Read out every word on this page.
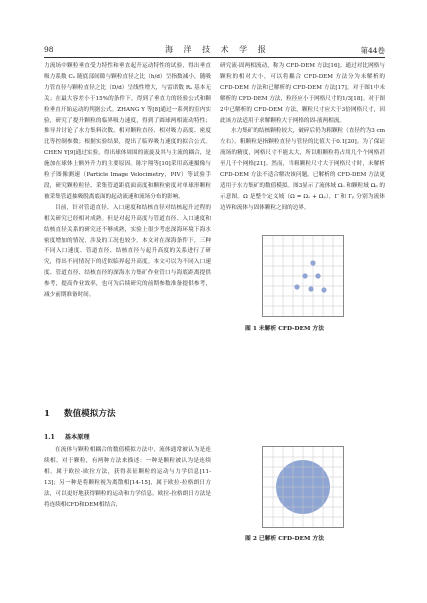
98	海 洋 技 术 学 报	第44卷

力流场中颗粒垂直受力特性和垂直起升运动特性的试验，得出垂直吸力系数 Cₙ 随底部间隙与颗粒直径之比（h/d）呈指数减小，随吸力管直径与颗粒直径之比（D/d）呈线性增大，与雷诺数 Rₑ 基本无关；在最大容差小于15%的条件下，得到了垂直力的经验公式和颗粒垂直开始运动的判据公式。ZHANG Y 等[8]通过一系列的室内实验，研究了提升颗粒的临界吸力速度，得到了圆球两相流动特性；推导并讨论了水力集料次数、相对颗粒直径、相对吸力高度、密度比等控制参数；根据实验结果，提出了临界吸力速度的拟合公式。CHEN Y[9]通过实验，得出球体周围的流旋及其与主流的耦合，是施加在球体上额外升力的主要原因。陈宇翔等[10]采用高速摄像与粒子图像测速（Particle Image Velocimetry，PIV）等试验手段，研究颗粒粒径、采集管道距底面高度和颗粒密度对单球形颗粒被采集管道抽吸脱离底面的起动流速和流场分布的影响。

目前，针对管道直径、入口速度和结核直径对结核起升过程的相关研究已经相对成熟。但是对起升高度与管道直径、入口速度和结核直径关系的研究还不够成熟，实验上很少考虑深海环境下海水密度增加的情况，涉及的工况也较少。本文对在深海条件下，三种不同入口速度、管道直径、结核直径与起升高度的关系进行了研究，得出不同情况下的近似临界起升高度。本文可以为不同入口速度、管道直径、结核直径的深海水力集矿作业管口与海底距离提供参考，提高作业效率，也可为后续研究的前期参数准备提供参考，减少前期准备时间。

1 数值模拟方法
1.1 基本原理

在流体与颗粒相耦合的数值模拟方法中，流体通常被认为是连续相。对于颗粒，有两种方法来描述：一种是颗粒被认为是连续相，属于欧拉-欧拉方法，获得表征颗粒的运动与力学信息[11-13]；另一种是将颗粒视为离散相[14-15]，属于欧拉-拉格朗日方法，可以更好地获得颗粒的运动和力学信息。欧拉-拉格朗日方法是将连续相CFD和DEM相结合，

研究流-固两相流动，称为 CFD-DEM 方法[16]。通过对比网格与颗粒的相对大小，可以将耦合 CFD-DEM 方法分为未解析的 CFD-DEM 方法和已解析的 CFD-DEM 方法[17]。对于图1中未解析的 CFD-DEM 方法，粒径应小于网格尺寸的1/3[18]。对于图2中已解析的 CFD-DEM 方法，颗粒尺寸应大于3倍网格尺寸，因此该方法适用于求解颗粒大于网格的固-液两相流。

水力集矿的结核颗粒较大，破碎后仍为粗颗粒（直径约为3 cm左右）。粗颗粒是指颗粒直径与管径的比值大于0.1[20]。为了保证流场的精度，网格尺寸不能太大，所以粗颗粒将占用几个个网格甚至几千个网格[21]。然而，当粗颗粒尺寸大于网格尺寸时，未解析 CFD-DEM 方法不适合解决该问题。已解析的 CFD-DEM 方法更适用于水力集矿的数值模拟。图3显示了流体域 Ωₒ 和颗粒域 Ωₚ 的示意图。Ω 是整个定义域（Ω = Ωₒ + Ωₚ），Γ 和 Γₚ 分别为流体边界和流体与固体颗粒之间的边界。

图 1 未解析 CFD-DEM 方法
图 2 已解析 CFD-DEM 方法
